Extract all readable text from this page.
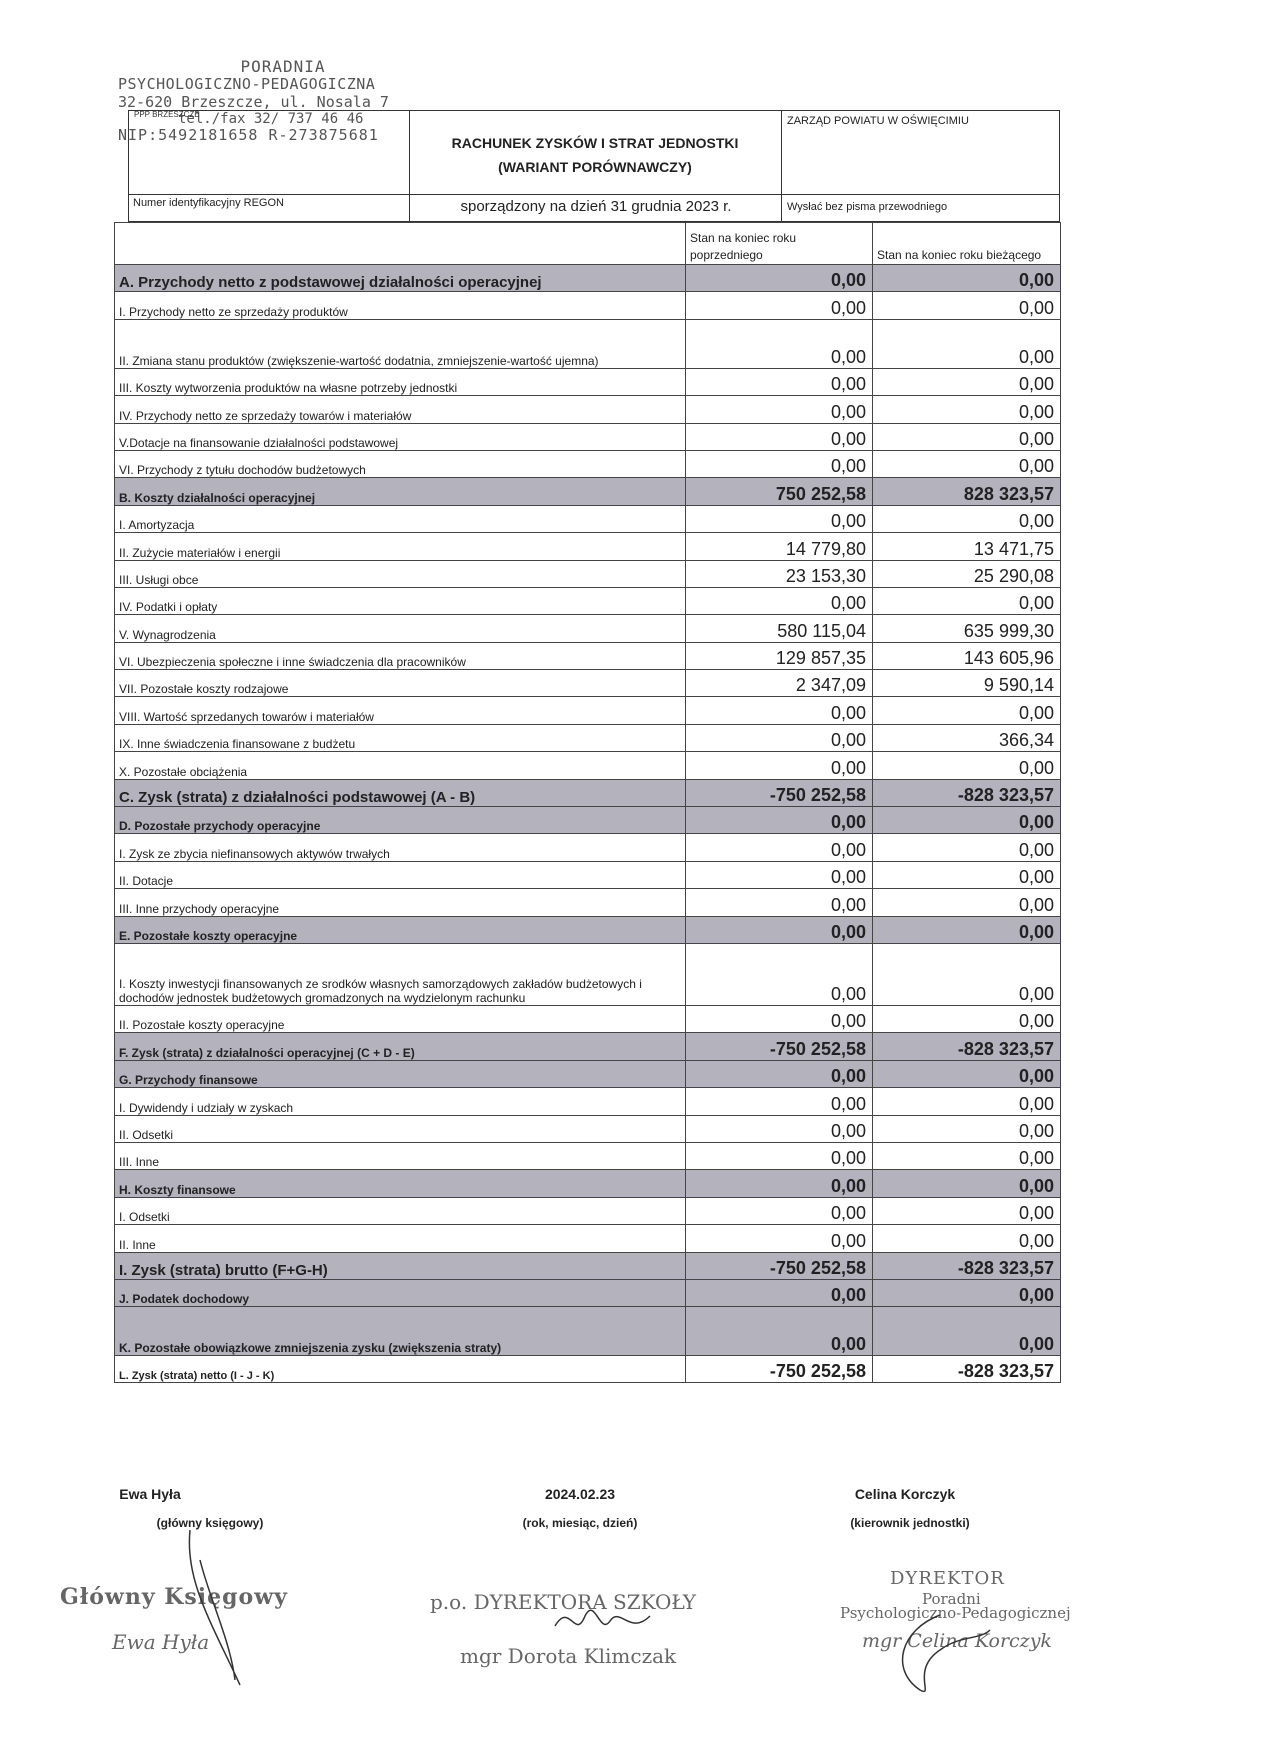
PORADNIA
PSYCHOLOGICZNO-PEDAGOGICZNA
32-620 Brzeszcze, ul. Nosala 7
tel./fax 32/ 737 46 46
NIP:5492181658 R-273875681
PPP BRZESZCZE
RACHUNEK ZYSKÓW I STRAT JEDNOSTKI
(WARIANT PORÓWNAWCZY)
ZARZĄD POWIATU W OŚWIĘCIMIU
Numer identyfikacyjny REGON	sporządzony na dzień 31 grudnia 2023 r.	Wysłać bez pisma przewodniego
	Stan na koniec roku poprzedniego	Stan na koniec roku bieżącego
A. Przychody netto z podstawowej działalności operacyjnej	0,00	0,00
I. Przychody netto ze sprzedaży produktów	0,00	0,00
II. Zmiana stanu produktów (zwiększenie-wartość dodatnia, zmniejszenie-wartość ujemna)	0,00	0,00
III. Koszty wytworzenia produktów na własne potrzeby jednostki	0,00	0,00
IV. Przychody netto ze sprzedaży towarów i materiałów	0,00	0,00
V.Dotacje na finansowanie działalności podstawowej	0,00	0,00
VI. Przychody z tytułu dochodów budżetowych	0,00	0,00
B. Koszty działalności operacyjnej	750 252,58	828 323,57
I. Amortyzacja	0,00	0,00
II. Zużycie materiałów i energii	14 779,80	13 471,75
III. Usługi obce	23 153,30	25 290,08
IV. Podatki i opłaty	0,00	0,00
V. Wynagrodzenia	580 115,04	635 999,30
VI. Ubezpieczenia społeczne i inne świadczenia dla pracowników	129 857,35	143 605,96
VII. Pozostałe koszty rodzajowe	2 347,09	9 590,14
VIII. Wartość sprzedanych towarów i materiałów	0,00	0,00
IX. Inne świadczenia finansowane z budżetu	0,00	366,34
X. Pozostałe obciążenia	0,00	0,00
C. Zysk (strata) z działalności podstawowej (A - B)	-750 252,58	-828 323,57
D. Pozostałe przychody operacyjne	0,00	0,00
I. Zysk ze zbycia niefinansowych aktywów trwałych	0,00	0,00
II. Dotacje	0,00	0,00
III. Inne przychody operacyjne	0,00	0,00
E. Pozostałe koszty operacyjne	0,00	0,00
I. Koszty inwestycji finansowanych ze srodków własnych samorządowych zakładów budżetowych i dochodów jednostek budżetowych gromadzonych na wydzielonym rachunku	0,00	0,00
II. Pozostałe koszty operacyjne	0,00	0,00
F. Zysk (strata) z działalności operacyjnej (C + D - E)	-750 252,58	-828 323,57
G. Przychody finansowe	0,00	0,00
I. Dywidendy i udziały w zyskach	0,00	0,00
II. Odsetki	0,00	0,00
III. Inne	0,00	0,00
H. Koszty finansowe	0,00	0,00
I. Odsetki	0,00	0,00
II. Inne	0,00	0,00
I. Zysk (strata) brutto (F+G-H)	-750 252,58	-828 323,57
J. Podatek dochodowy	0,00	0,00
K. Pozostałe obowiązkowe zmniejszenia zysku (zwiększenia straty)	0,00	0,00
L. Zysk (strata) netto (I - J - K)	-750 252,58	-828 323,57
Ewa Hyła
(główny księgowy)
2024.02.23
(rok, miesiąc, dzień)
Celina Korczyk
(kierownik jednostki)
Główny Księgowy
Ewa Hyła
p.o. DYREKTORA SZKOŁY
mgr Dorota Klimczak
DYREKTOR
Poradni
Psychologiczno-Pedagogicznej
mgr Celina Korczyk
